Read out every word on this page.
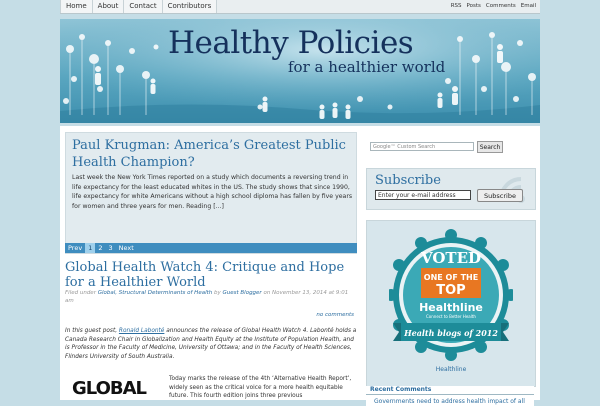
Home	About	Contact	Contributors	RSS Posts Comments Email
Healthy Policies
for a healthier world
Paul Krugman: America’s Greatest Public Health Champion?
Last week the New York Times reported on a study which documents a reversing trend in life expectancy for the least educated whites in the US. The study shows that since 1990, life expectancy for white Americans without a high school diploma has fallen by five years for women and three years for men. Reading [...]
Prev 1 2 3 Next
Global Health Watch 4: Critique and Hope for a Healthier World
Filed under Global, Structural Determinants of Health by Guest Blogger on November 13, 2014 at 9:01 am
no comments
In this guest post, Ronald Labonté announces the release of Global Health Watch 4. Labonté holds a Canada Research Chair in Globalization and Health Equity at the Institute of Population Health, and is Professor in the Faculty of Medicine, University of Ottawa; and in the Faculty of Health Sciences, Flinders University of South Australia.
GLOBAL	Today marks the release of the 4th ‘Alternative Health Report’, widely seen as the critical voice for a more health equitable future. This fourth edition joins three previous
Google™ Custom Search	Search
Subscribe
Enter your e-mail address	Subscribe
VOTED
ONE OF THE
TOP
Healthline
Connect to Better Health
Health blogs of 2012
Healthline
Recent Comments
Governments need to address health impact of all
